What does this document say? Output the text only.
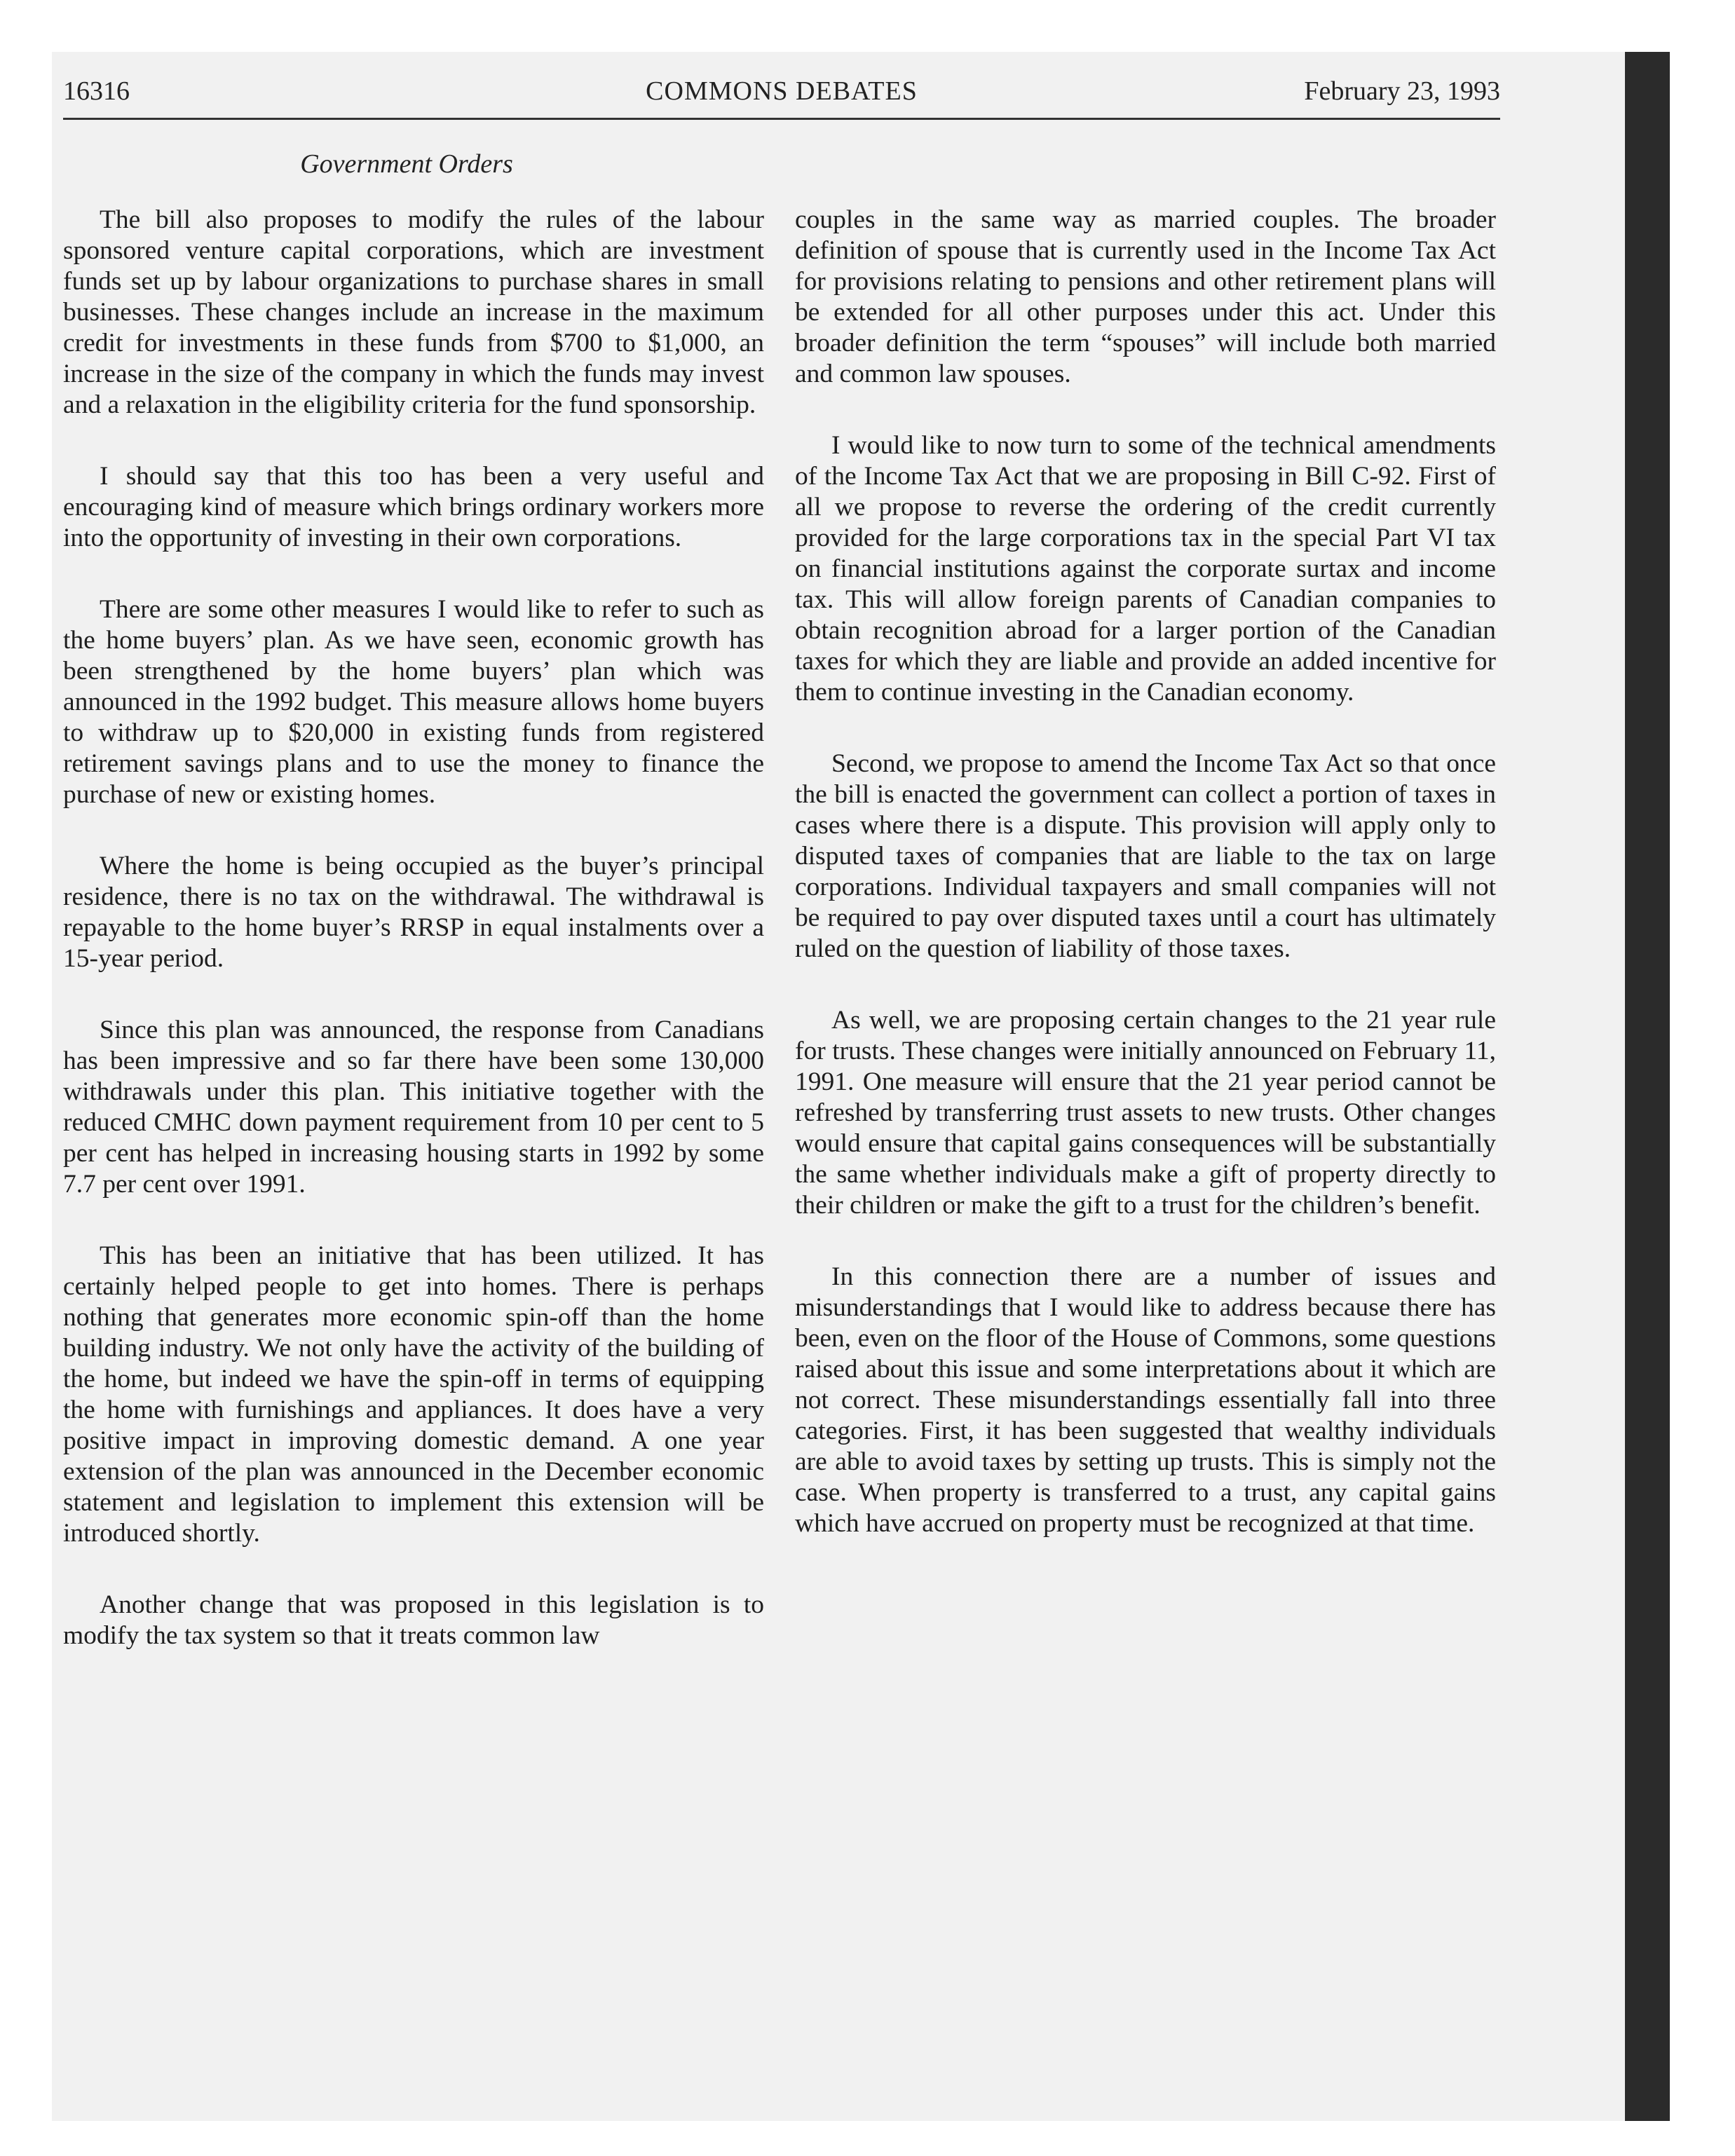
16316	COMMONS DEBATES	February 23, 1993
Government Orders

The bill also proposes to modify the rules of the labour sponsored venture capital corporations, which are investment funds set up by labour organizations to purchase shares in small businesses. These changes include an increase in the maximum credit for investments in these funds from $700 to $1,000, an increase in the size of the company in which the funds may invest and a relaxation in the eligibility criteria for the fund sponsorship.

I should say that this too has been a very useful and encouraging kind of measure which brings ordinary workers more into the opportunity of investing in their own corporations.

There are some other measures I would like to refer to such as the home buyers’ plan. As we have seen, economic growth has been strengthened by the home buyers’ plan which was announced in the 1992 budget. This measure allows home buyers to withdraw up to $20,000 in existing funds from registered retirement savings plans and to use the money to finance the purchase of new or existing homes.

Where the home is being occupied as the buyer’s principal residence, there is no tax on the withdrawal. The withdrawal is repayable to the home buyer’s RRSP in equal instalments over a 15-year period.

Since this plan was announced, the response from Canadians has been impressive and so far there have been some 130,000 withdrawals under this plan. This initiative together with the reduced CMHC down payment requirement from 10 per cent to 5 per cent has helped in increasing housing starts in 1992 by some 7.7 per cent over 1991.

This has been an initiative that has been utilized. It has certainly helped people to get into homes. There is perhaps nothing that generates more economic spin-off than the home building industry. We not only have the activity of the building of the home, but indeed we have the spin-off in terms of equipping the home with furnishings and appliances. It does have a very positive impact in improving domestic demand. A one year extension of the plan was announced in the December economic statement and legislation to implement this extension will be introduced shortly.

Another change that was proposed in this legislation is to modify the tax system so that it treats common law

couples in the same way as married couples. The broader definition of spouse that is currently used in the Income Tax Act for provisions relating to pensions and other retirement plans will be extended for all other purposes under this act. Under this broader definition the term “spouses” will include both married and common law spouses.

I would like to now turn to some of the technical amendments of the Income Tax Act that we are proposing in Bill C-92. First of all we propose to reverse the ordering of the credit currently provided for the large corporations tax in the special Part VI tax on financial institutions against the corporate surtax and income tax. This will allow foreign parents of Canadian companies to obtain recognition abroad for a larger portion of the Canadian taxes for which they are liable and provide an added incentive for them to continue investing in the Canadian economy.

Second, we propose to amend the Income Tax Act so that once the bill is enacted the government can collect a portion of taxes in cases where there is a dispute. This provision will apply only to disputed taxes of companies that are liable to the tax on large corporations. Individual taxpayers and small companies will not be required to pay over disputed taxes until a court has ultimately ruled on the question of liability of those taxes.

As well, we are proposing certain changes to the 21 year rule for trusts. These changes were initially announced on February 11, 1991. One measure will ensure that the 21 year period cannot be refreshed by transferring trust assets to new trusts. Other changes would ensure that capital gains consequences will be substantially the same whether individuals make a gift of property directly to their children or make the gift to a trust for the children’s benefit.

In this connection there are a number of issues and misunderstandings that I would like to address because there has been, even on the floor of the House of Commons, some questions raised about this issue and some interpretations about it which are not correct. These misunderstandings essentially fall into three categories. First, it has been suggested that wealthy individuals are able to avoid taxes by setting up trusts. This is simply not the case. When property is transferred to a trust, any capital gains which have accrued on property must be recognized at that time.
